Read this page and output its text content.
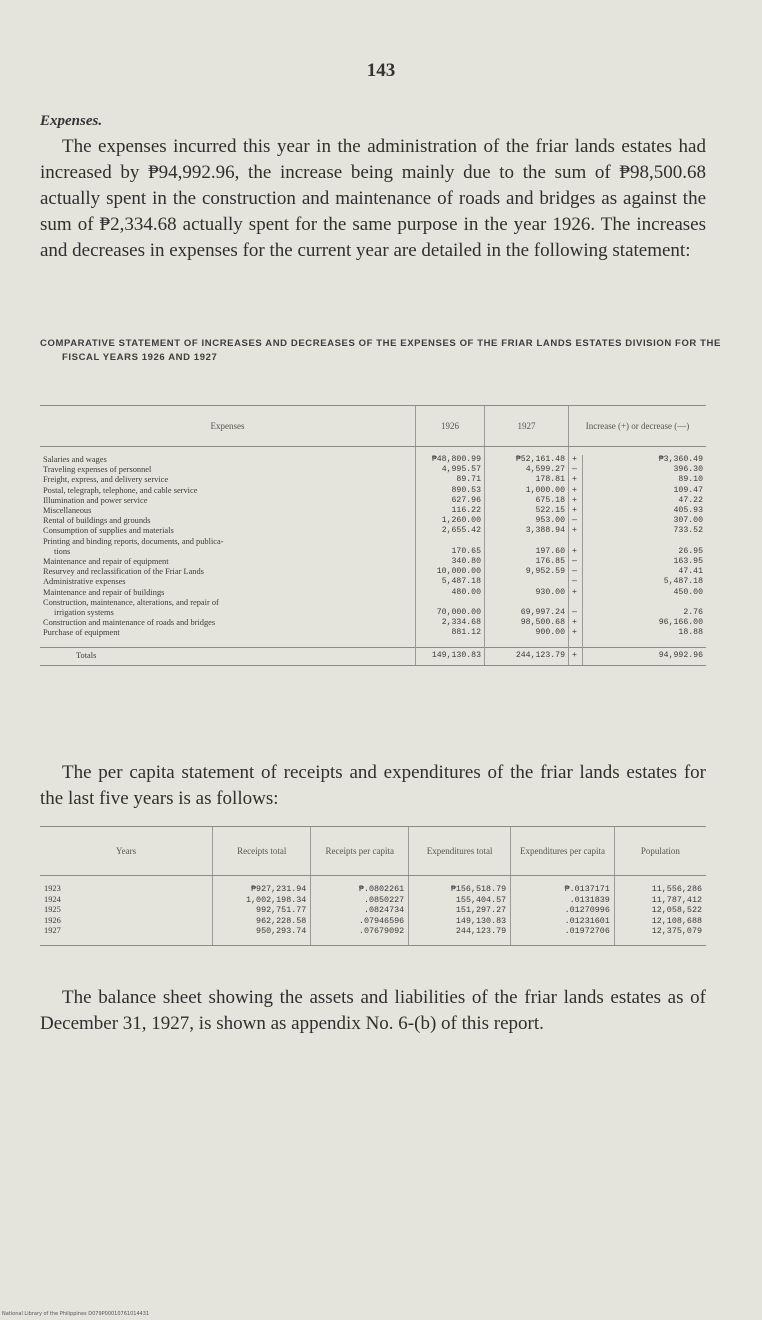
143
Expenses.
The expenses incurred this year in the administration of the friar lands estates had increased by ₱94,992.96, the increase being mainly due to the sum of ₱98,500.68 actually spent in the construction and maintenance of roads and bridges as against the sum of ₱2,334.68 actually spent for the same purpose in the year 1926. The increases and decreases in expenses for the current year are detailed in the following statement:
COMPARATIVE STATEMENT OF INCREASES AND DECREASES OF THE EXPENSES OF THE FRIAR LANDS ESTATES DIVISION FOR THE FISCAL YEARS 1926 AND 1927
Expenses	1926	1927	Increase (+) or decrease (—)	

Salaries and wages	₱48,800.99	₱52,161.48	+	₱3,360.49
Traveling expenses of personnel	4,995.57	4,599.27	—	396.30
Freight, express, and delivery service	89.71	178.81	+	89.10
Postal, telegraph, telephone, and cable service	890.53	1,000.00	+	109.47
Illumination and power service	627.96	675.18	+	47.22
Miscellaneous	116.22	522.15	+	405.93
Rental of buildings and grounds	1,260.00	953.00	—	307.00
Consumption of supplies and materials	2,655.42	3,388.94	+	733.52
Printing and binding reports, documents, and publica-				
tions	170.65	197.60	+	26.95
Maintenance and repair of equipment	340.80	176.85	—	163.95
Resurvey and reclassification of the Friar Lands	10,000.00	9,952.59	—	47.41
Administrative expenses	5,487.18		—	5,487.18
Maintenance and repair of buildings	480.00	930.00	+	450.00
Construction, maintenance, alterations, and repair of				
irrigation systems	70,000.00	69,997.24	—	2.76
Construction and maintenance of roads and bridges	2,334.68	98,500.68	+	96,166.00
Purchase of equipment	881.12	900.00	+	18.88

Totals	149,130.83	244,123.79	+	94,992.96
The per capita statement of receipts and expenditures of the friar lands estates for the last five years is as follows:
Years	Receipts total	Receipts per capita	Expenditures total	Expenditures per capita	Population
1923	₱927,231.94	₱.0802261	₱156,518.79	₱.0137171	11,556,286
1924	1,002,198.34	.0850227	155,404.57	.0131839	11,787,412
1925	992,751.77	.0824734	151,297.27	.01270996	12,058,522
1926	962,228.58	.07946596	149,130.83	.01231601	12,108,688
1927	950,293.74	.07679092	244,123.79	.01972706	12,375,079
The balance sheet showing the assets and liabilities of the friar lands estates as of December 31, 1927, is shown as appendix No. 6-(b) of this report.
National Library of the Philippines D079P00010761014431
